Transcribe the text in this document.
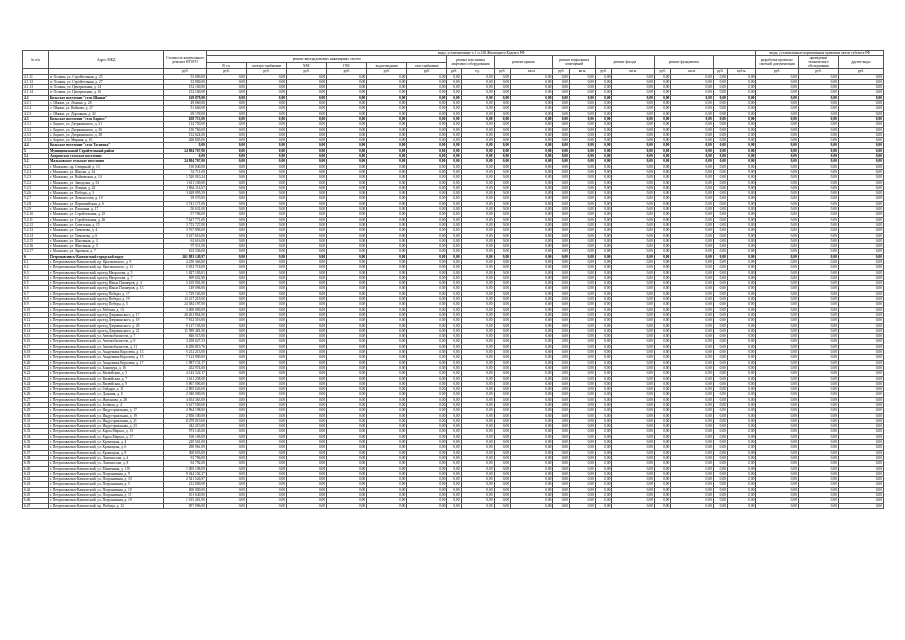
№ п/п	Адрес МКД	Стоимость капитального ремонта ИТОГО	виды, установленные ч.1 ст.166 Жилищного Кодекса РФ																		виды, установленные нормативным правовым актом субъекта РФ		
			ремонт внутридомовых инженерных систем						ремонт или замена лифтового оборудования		ремонт крыши		ремонт подвальных помещений		ремонт фасада		ремонт фундамента				разработка проектно-сметной документации	проведение технического обследования	другие виды
			В т.ч.	электро-снабжение	ХВС	ГВС	водоотведение	газо-снабжение															
		руб.	руб.	руб.	руб.	руб.	руб.	руб.	руб.	ед.	руб.	кв.м.	руб.	кв.м.	руб.	кв.м.	руб.	кв.м.	руб.	куб.м.	руб.	руб.	руб.
4.1.11	п. Осокин, ул. Стройтельная, д. 25	53 800,00	0,00	0,00	0,00	0,00	0,00	0,00	0,00	0,00	0,00	0,00	0,00	0,00	0,00	0,00	0,00	0,00	0,00	0,00	0,00	0,00	0,00
4.1.12	п. Осокин, ул. Стройтельная, д. 27	53 800,00	0,00	0,00	0,00	0,00	0,00	0,00	0,00	0,00	0,00	0,00	0,00	0,00	0,00	0,00	0,00	0,00	0,00	0,00	0,00	0,00	0,00
4.1.13	п. Осокин, ул. Центральная, д. 14	152 160,00	0,00	0,00	0,00	0,00	0,00	0,00	0,00	0,00	0,00	0,00	0,00	0,00	0,00	0,00	0,00	0,00	0,00	0,00	0,00	0,00	0,00
4.1.14	п. Осокин, ул. Центральная, д. 16	152 160,00	0,00	0,00	0,00	0,00	0,00	0,00	0,00	0,00	0,00	0,00	0,00	0,00	0,00	0,00	0,00	0,00	0,00	0,00	0,00	0,00	0,00
4.2	Кольское поселение "село Шапки"	169 879,00	0,00	0,00	0,00	0,00	0,00	0,00	0,00	0,00	0,00	0,00	0,00	0,00	0,00	0,00	0,00	0,00	0,00	0,00	0,00	0,00	0,00
4.2.1	с. Шапки, ул. Ленина, д. 26	49 060,00	0,00	0,00	0,00	0,00	0,00	0,00	0,00	0,00	0,00	0,00	0,00	0,00	0,00	0,00	0,00	0,00	0,00	0,00	0,00	0,00	0,00
4.2.2	с. Шапки, ул. Войкова, д. 27	51 660,00	0,00	0,00	0,00	0,00	0,00	0,00	0,00	0,00	0,00	0,00	0,00	0,00	0,00	0,00	0,00	0,00	0,00	0,00	0,00	0,00	0,00
4.2.3	с. Шапки, ул. Дорожная, д. 34	69 159,00	0,00	0,00	0,00	0,00	0,00	0,00	0,00	0,00	0,00	0,00	0,00	0,00	0,00	0,00	0,00	0,00	0,00	0,00	0,00	0,00	0,00
4.3	Кольское поселение "село Борисе"	658 713,00	0,00	0,00	0,00	0,00	0,00	0,00	0,00	0,00	0,00	0,00	0,00	0,00	0,00	0,00	0,00	0,00	0,00	0,00	0,00	0,00	0,00
4.3.1	с. Борисе, ул. Дзержинского, д. 31	114 750,00	0,00	0,00	0,00	0,00	0,00	0,00	0,00	0,00	0,00	0,00	0,00	0,00	0,00	0,00	0,00	0,00	0,00	0,00	0,00	0,00	0,00
4.3.2	с. Борисе, ул. Дзержинского, д. 36	150 760,00	0,00	0,00	0,00	0,00	0,00	0,00	0,00	0,00	0,00	0,00	0,00	0,00	0,00	0,00	0,00	0,00	0,00	0,00	0,00	0,00	0,00
4.3.3	с. Борисе, ул. Дзержинского, д. 38	132 624,00	0,00	0,00	0,00	0,00	0,00	0,00	0,00	0,00	0,00	0,00	0,00	0,00	0,00	0,00	0,00	0,00	0,00	0,00	0,00	0,00	0,00
4.3.4	с. Борисе, ул. Мирная, д. 10	260 605,00	0,00	0,00	0,00	0,00	0,00	0,00	0,00	0,00	0,00	0,00	0,00	0,00	0,00	0,00	0,00	0,00	0,00	0,00	0,00	0,00	0,00
4.4	Кольское поселение "село Тосненко"	0,00	0,00	0,00	0,00	0,00	0,00	0,00	0,00	0,00	0,00	0,00	0,00	0,00	0,00	0,00	0,00	0,00	0,00	0,00	0,00	0,00	0,00
5	Муниципальный Стройтельный район	24 804 767,00	0,00	0,00	0,00	0,00	0,00	0,00	0,00	0,00	0,00	0,00	0,00	0,00	0,00	0,00	0,00	0,00	0,00	0,00	0,00	0,00	0,00
5.1	Антропское сельское поселение	0,00	0,00	0,00	0,00	0,00	0,00	0,00	0,00	0,00	0,00	0,00	0,00	0,00	0,00	0,00	0,00	0,00	0,00	0,00	0,00	0,00	0,00
5.2	Мальковское сельское поселение	24 804 767,00	0,00	0,00	0,00	0,00	0,00	0,00	0,00	0,00	0,00	0,00	0,00	0,00	0,00	0,00	0,00	0,00	0,00	0,00	0,00	0,00	0,00
5.2.1	г. Мальково, пр. Северный, д. 13	150 840,00	0,00	0,00	0,00	0,00	0,00	0,00	0,00	0,00	0,00	0,00	0,00	0,00	0,00	0,00	0,00	0,00	0,00	0,00	0,00	0,00	0,00
5.2.2	г. Мальково, ул. Школы, д. 34	52 711,00	0,00	0,00	0,00	0,00	0,00	0,00	0,00	0,00	0,00	0,00	0,00	0,00	0,00	0,00	0,00	0,00	0,00	0,00	0,00	0,00	0,00
5.2.3	г. Мальково, ул. Войковская, д. 14	1 520 010,24	0,00	0,00	0,00	0,00	0,00	0,00	0,00	0,00	0,00	0,00	0,00	0,00	0,00	0,00	0,00	0,00	0,00	0,00	0,00	0,00	0,00
5.2.4	г. Мальково, ул. Заводская, д. 53	1 611 100,00	0,00	0,00	0,00	0,00	0,00	0,00	0,00	0,00	0,00	0,00	0,00	0,00	0,00	0,00	0,00	0,00	0,00	0,00	0,00	0,00	0,00
5.2.5	г. Мальково, ул. Ленина, д. 23	1 864 114,67	0,00	0,00	0,00	0,00	0,00	0,00	0,00	0,00	0,00	0,00	0,00	0,00	0,00	0,00	0,00	0,00	0,00	0,00	0,00	0,00	0,00
5.2.6	г. Мальково, ул. Победы, д. 3	3 628 995,59	0,00	0,00	0,00	0,00	0,00	0,00	0,00	0,00	0,00	0,00	0,00	0,00	0,00	0,00	0,00	0,00	0,00	0,00	0,00	0,00	0,00
5.2.7	г. Мальково, ул. Ломоносова, д. 10	59 570,00	0,00	0,00	0,00	0,00	0,00	0,00	0,00	0,00	0,00	0,00	0,00	0,00	0,00	0,00	0,00	0,00	0,00	0,00	0,00	0,00	0,00
5.2.8	г. Мальково, ул. Первомайская, д. 6	3 741 171,00	0,00	0,00	0,00	0,00	0,00	0,00	0,00	0,00	0,00	0,00	0,00	0,00	0,00	0,00	0,00	0,00	0,00	0,00	0,00	0,00	0,00
5.2.9	г. Мальково, ул. Пушкина, д. 17	50 631,00	0,00	0,00	0,00	0,00	0,00	0,00	0,00	0,00	0,00	0,00	0,00	0,00	0,00	0,00	0,00	0,00	0,00	0,00	0,00	0,00	0,00
5.2.10	г. Мальково, ул. Стройтельная, д. 25	57 706,00	0,00	0,00	0,00	0,00	0,00	0,00	0,00	0,00	0,00	0,00	0,00	0,00	0,00	0,00	0,00	0,00	0,00	0,00	0,00	0,00	0,00
5.2.11	г. Мальково, ул. Стройтельная, д. 26	7 627 771,00	0,00	0,00	0,00	0,00	0,00	0,00	0,00	0,00	0,00	0,00	0,00	0,00	0,00	0,00	0,00	0,00	0,00	0,00	0,00	0,00	0,00
5.2.12	г. Мальково, ул. Советская, д. 15	3 713 727,00	0,00	0,00	0,00	0,00	0,00	0,00	0,00	0,00	0,00	0,00	0,00	0,00	0,00	0,00	0,00	0,00	0,00	0,00	0,00	0,00	0,00
5.2.13	г. Мальково, ул. Тимонова, д. 4	3 767 896,00	0,00	0,00	0,00	0,00	0,00	0,00	0,00	0,00	0,00	0,00	0,00	0,00	0,00	0,00	0,00	0,00	0,00	0,00	0,00	0,00	0,00
5.2.14	г. Мальково, ул. Тимонова, д. 6	3 617 616,00	0,00	0,00	0,00	0,00	0,00	0,00	0,00	0,00	0,00	0,00	0,00	0,00	0,00	0,00	0,00	0,00	0,00	0,00	0,00	0,00	0,00
5.2.15	г. Мальково, ул. Школьная, д. 3	62 616,00	0,00	0,00	0,00	0,00	0,00	0,00	0,00	0,00	0,00	0,00	0,00	0,00	0,00	0,00	0,00	0,00	0,00	0,00	0,00	0,00	0,00
5.2.16	г. Мальково, ул. Школьная, д. 5	97 511,00	0,00	0,00	0,00	0,00	0,00	0,00	0,00	0,00	0,00	0,00	0,00	0,00	0,00	0,00	0,00	0,00	0,00	0,00	0,00	0,00	0,00
5.2.17	г. Мальково, ул. Заречная, д. 7	103 336,00	0,00	0,00	0,00	0,00	0,00	0,00	0,00	0,00	0,00	0,00	0,00	0,00	0,00	0,00	0,00	0,00	0,00	0,00	0,00	0,00	0,00
6	Петропавловск-Камчатский городской округ	261 883 149,97	0,00	0,00	0,00	0,00	0,00	0,00	0,00	0,00	0,00	0,00	0,00	0,00	0,00	0,00	0,00	0,00	0,00	0,00	0,00	0,00	0,00
6.1	г. Петропавловск-Камчатский, пр. Циолковского, д. 9	4 250 366,00	0,00	0,00	0,00	0,00	0,00	0,00	0,00	0,00	0,00	0,00	0,00	0,00	0,00	0,00	0,00	0,00	0,00	0,00	0,00	0,00	0,00
6.2	г. Петропавловск-Камчатский, пр. Циолковского, д. 11	5 033 718,00	0,00	0,00	0,00	0,00	0,00	0,00	0,00	0,00	0,00	0,00	0,00	0,00	0,00	0,00	0,00	0,00	0,00	0,00	0,00	0,00	0,00
6.3	г. Петропавловск-Камчатский, проезд Матросова, д. 5	1 827 183,01	0,00	0,00	0,00	0,00	0,00	0,00	0,00	0,00	0,00	0,00	0,00	0,00	0,00	0,00	0,00	0,00	0,00	0,00	0,00	0,00	0,00
6.4	г. Петропавловск-Камчатский, проезд Матросова, д. 7	699 652,90	0,00	0,00	0,00	0,00	0,00	0,00	0,00	0,00	0,00	0,00	0,00	0,00	0,00	0,00	0,00	0,00	0,00	0,00	0,00	0,00	0,00
6.5	г. Петропавловск-Камчатский, проезд Юных Пионеров, д. 4	3 105 901,00	0,00	0,00	0,00	0,00	0,00	0,00	0,00	0,00	0,00	0,00	0,00	0,00	0,00	0,00	0,00	0,00	0,00	0,00	0,00	0,00	0,00
6.6	г. Петропавловск-Камчатский, проезд Юных Пионеров, д. 13	149 696,00	0,00	0,00	0,00	0,00	0,00	0,00	0,00	0,00	0,00	0,00	0,00	0,00	0,00	0,00	0,00	0,00	0,00	0,00	0,00	0,00	0,00
6.7	г. Петропавловск-Камчатский, проезд Победы, д. 17	1 729 165,00	0,00	0,00	0,00	0,00	0,00	0,00	0,00	0,00	0,00	0,00	0,00	0,00	0,00	0,00	0,00	0,00	0,00	0,00	0,00	0,00	0,00
6.8	г. Петропавловск-Камчатский, проезд Победы, д. 19	13 217 219,00	0,00	0,00	0,00	0,00	0,00	0,00	0,00	0,00	0,00	0,00	0,00	0,00	0,00	0,00	0,00	0,00	0,00	0,00	0,00	0,00	0,00
6.9	г. Петропавловск-Камчатский, проезд Победы, д. 5	24 384 197,00	0,00	0,00	0,00	0,00	0,00	0,00	0,00	0,00	0,00	0,00	0,00	0,00	0,00	0,00	0,00	0,00	0,00	0,00	0,00	0,00	0,00
6.10	г. Петропавловск-Камчатский, ул. Рабочая, д. 14	3 000 000,00	0,00	0,00	0,00	0,00	0,00	0,00	0,00	0,00	0,00	0,00	0,00	0,00	0,00	0,00	0,00	0,00	0,00	0,00	0,00	0,00	0,00
6.11	г. Петропавловск-Камчатский, проезд Дзержинского, д. 17	28 261 864,00	0,00	0,00	0,00	0,00	0,00	0,00	0,00	0,00	0,00	0,00	0,00	0,00	0,00	0,00	0,00	0,00	0,00	0,00	0,00	0,00	0,00
6.12	г. Петропавловск-Камчатский, проезд Дзержинского, д. 19	7 812 316,00	0,00	0,00	0,00	0,00	0,00	0,00	0,00	0,00	0,00	0,00	0,00	0,00	0,00	0,00	0,00	0,00	0,00	0,00	0,00	0,00	0,00
6.13	г. Петропавловск-Камчатский, проезд Дзержинского, д. 20	8 127 103,00	0,00	0,00	0,00	0,00	0,00	0,00	0,00	0,00	0,00	0,00	0,00	0,00	0,00	0,00	0,00	0,00	0,00	0,00	0,00	0,00	0,00
6.14	г. Петропавловск-Камчатский, проезд Дзержинского, д. 21	11 589 481,00	0,00	0,00	0,00	0,00	0,00	0,00	0,00	0,00	0,00	0,00	0,00	0,00	0,00	0,00	0,00	0,00	0,00	0,00	0,00	0,00	0,00
6.15	г. Петропавловск-Камчатский, ул. Автомобилистов, д. 7	846 515,00	0,00	0,00	0,00	0,00	0,00	0,00	0,00	0,00	0,00	0,00	0,00	0,00	0,00	0,00	0,00	0,00	0,00	0,00	0,00	0,00	0,00
6.16	г. Петропавловск-Камчатский, ул. Автомобилистов, д. 9	3 458 627,33	0,00	0,00	0,00	0,00	0,00	0,00	0,00	0,00	0,00	0,00	0,00	0,00	0,00	0,00	0,00	0,00	0,00	0,00	0,00	0,00	0,00
6.17	г. Петропавловск-Камчатский, ул. Автомобилистов, д. 11	6 296 819,76	0,00	0,00	0,00	0,00	0,00	0,00	0,00	0,00	0,00	0,00	0,00	0,00	0,00	0,00	0,00	0,00	0,00	0,00	0,00	0,00	0,00
6.18	г. Петропавловск-Камчатский, ул. Академика Королева, д. 13	5 212 213,00	0,00	0,00	0,00	0,00	0,00	0,00	0,00	0,00	0,00	0,00	0,00	0,00	0,00	0,00	0,00	0,00	0,00	0,00	0,00	0,00	0,00
6.19	г. Петропавловск-Камчатский, ул. Академика Королева, д. 15	7 123 900,00	0,00	0,00	0,00	0,00	0,00	0,00	0,00	0,00	0,00	0,00	0,00	0,00	0,00	0,00	0,00	0,00	0,00	0,00	0,00	0,00	0,00
6.20	г. Петропавловск-Камчатский, ул. Академика Королева, д. 17	1 987 131,17	0,00	0,00	0,00	0,00	0,00	0,00	0,00	0,00	0,00	0,00	0,00	0,00	0,00	0,00	0,00	0,00	0,00	0,00	0,00	0,00	0,00
6.21	г. Петропавловск-Камчатский, ул. Бонивура, д. 16	452 974,00	0,00	0,00	0,00	0,00	0,00	0,00	0,00	0,00	0,00	0,00	0,00	0,00	0,00	0,00	0,00	0,00	0,00	0,00	0,00	0,00	0,00
6.22	г. Петропавловск-Камчатский, ул. Вилюйская, д. 5	4 143 322,17	0,00	0,00	0,00	0,00	0,00	0,00	0,00	0,00	0,00	0,00	0,00	0,00	0,00	0,00	0,00	0,00	0,00	0,00	0,00	0,00	0,00
6.23	г. Петропавловск-Камчатский, ул. Вилюйская, д. 7	1 611 258,00	0,00	0,00	0,00	0,00	0,00	0,00	0,00	0,00	0,00	0,00	0,00	0,00	0,00	0,00	0,00	0,00	0,00	0,00	0,00	0,00	0,00
6.24	г. Петропавловск-Камчатский, ул. Вилюйская, д. 9	5 867 006,00	0,00	0,00	0,00	0,00	0,00	0,00	0,00	0,00	0,00	0,00	0,00	0,00	0,00	0,00	0,00	0,00	0,00	0,00	0,00	0,00	0,00
6.25	г. Петропавловск-Камчатский, ул. Гайдара, д. 11	2 895 626,00	0,00	0,00	0,00	0,00	0,00	0,00	0,00	0,00	0,00	0,00	0,00	0,00	0,00	0,00	0,00	0,00	0,00	0,00	0,00	0,00	0,00
6.26	г. Петропавловск-Камчатский, ул. Дальняя, д. 8	2 940 000,00	0,00	0,00	0,00	0,00	0,00	0,00	0,00	0,00	0,00	0,00	0,00	0,00	0,00	0,00	0,00	0,00	0,00	0,00	0,00	0,00	0,00
6.27	г. Петропавловск-Камчатский, ул. Жупанова, д. 28	4 654 363,00	0,00	0,00	0,00	0,00	0,00	0,00	0,00	0,00	0,00	0,00	0,00	0,00	0,00	0,00	0,00	0,00	0,00	0,00	0,00	0,00	0,00
6.28	г. Петропавловск-Камчатский, ул. Зелёная, д. 4	5 617 500,00	0,00	0,00	0,00	0,00	0,00	0,00	0,00	0,00	0,00	0,00	0,00	0,00	0,00	0,00	0,00	0,00	0,00	0,00	0,00	0,00	0,00
6.29	г. Петропавловск-Камчатский, ул. Индустриальная, д. 17	2 964 198,00	0,00	0,00	0,00	0,00	0,00	0,00	0,00	0,00	0,00	0,00	0,00	0,00	0,00	0,00	0,00	0,00	0,00	0,00	0,00	0,00	0,00
6.30	г. Петропавловск-Камчатский, ул. Индустриальная, д. 19	2 856 100,00	0,00	0,00	0,00	0,00	0,00	0,00	0,00	0,00	0,00	0,00	0,00	0,00	0,00	0,00	0,00	0,00	0,00	0,00	0,00	0,00	0,00
6.31	г. Петропавловск-Камчатский, ул. Индустриальная, д. 21	8 479 010,00	0,00	0,00	0,00	0,00	0,00	0,00	0,00	0,00	0,00	0,00	0,00	0,00	0,00	0,00	0,00	0,00	0,00	0,00	0,00	0,00	0,00
6.32	г. Петропавловск-Камчатский, ул. Индустриальная, д. 23	342 210,00	0,00	0,00	0,00	0,00	0,00	0,00	0,00	0,00	0,00	0,00	0,00	0,00	0,00	0,00	0,00	0,00	0,00	0,00	0,00	0,00	0,00
6.33	г. Петропавловск-Камчатский, ул. Карла Маркса, д. 15	973 143,00	0,00	0,00	0,00	0,00	0,00	0,00	0,00	0,00	0,00	0,00	0,00	0,00	0,00	0,00	0,00	0,00	0,00	0,00	0,00	0,00	0,00
6.34	г. Петропавловск-Камчатский, ул. Карла Маркса, д. 17	106 106,00	0,00	0,00	0,00	0,00	0,00	0,00	0,00	0,00	0,00	0,00	0,00	0,00	0,00	0,00	0,00	0,00	0,00	0,00	0,00	0,00	0,00
6.35	г. Петропавловск-Камчатский, ул. Кроноцкая, д. 4	220 561,00	0,00	0,00	0,00	0,00	0,00	0,00	0,00	0,00	0,00	0,00	0,00	0,00	0,00	0,00	0,00	0,00	0,00	0,00	0,00	0,00	0,00
6.36	г. Петропавловск-Камчатский, ул. Кроноцкая, д. 6	290 961,00	0,00	0,00	0,00	0,00	0,00	0,00	0,00	0,00	0,00	0,00	0,00	0,00	0,00	0,00	0,00	0,00	0,00	0,00	0,00	0,00	0,00
6.37	г. Петропавловск-Камчатский, ул. Кроноцкая, д. 8	300 653,00	0,00	0,00	0,00	0,00	0,00	0,00	0,00	0,00	0,00	0,00	0,00	0,00	0,00	0,00	0,00	0,00	0,00	0,00	0,00	0,00	0,00
6.38	г. Петропавловск-Камчатский, ул. Ломоносова, д. 4	93 796,00	0,00	0,00	0,00	0,00	0,00	0,00	0,00	0,00	0,00	0,00	0,00	0,00	0,00	0,00	0,00	0,00	0,00	0,00	0,00	0,00	0,00
6.39	г. Петропавловск-Камчатский, ул. Ломоносова, д. 8	94 792,00	0,00	0,00	0,00	0,00	0,00	0,00	0,00	0,00	0,00	0,00	0,00	0,00	0,00	0,00	0,00	0,00	0,00	0,00	0,00	0,00	0,00
6.40	г. Петропавловск-Камчатский, ул. Мишенная, д. 110	1 005 108,00	0,00	0,00	0,00	0,00	0,00	0,00	0,00	0,00	0,00	0,00	0,00	0,00	0,00	0,00	0,00	0,00	0,00	0,00	0,00	0,00	0,00
6.41	г. Петропавловск-Камчатский, ул. Пограничная, д. 9	9 024 102,37	0,00	0,00	0,00	0,00	0,00	0,00	0,00	0,00	0,00	0,00	0,00	0,00	0,00	0,00	0,00	0,00	0,00	0,00	0,00	0,00	0,00
6.42	г. Петропавловск-Камчатский, ул. Пограничная, д. 33	2 541 526,97	0,00	0,00	0,00	0,00	0,00	0,00	0,00	0,00	0,00	0,00	0,00	0,00	0,00	0,00	0,00	0,00	0,00	0,00	0,00	0,00	0,00
6.43	г. Петропавловск-Камчатский, ул. Пограничная, д. 5	212 000,00	0,00	0,00	0,00	0,00	0,00	0,00	0,00	0,00	0,00	0,00	0,00	0,00	0,00	0,00	0,00	0,00	0,00	0,00	0,00	0,00	0,00
6.44	г. Петропавловск-Камчатский, ул. Пограничная, д. 10	600 000,00	0,00	0,00	0,00	0,00	0,00	0,00	0,00	0,00	0,00	0,00	0,00	0,00	0,00	0,00	0,00	0,00	0,00	0,00	0,00	0,00	0,00
6.45	г. Петропавловск-Камчатский, ул. Пограничная, д. 11	101 640,00	0,00	0,00	0,00	0,00	0,00	0,00	0,00	0,00	0,00	0,00	0,00	0,00	0,00	0,00	0,00	0,00	0,00	0,00	0,00	0,00	0,00
6.46	г. Петропавловск-Камчатский, ул. Пограничная, д. 19	1 015 461,00	0,00	0,00	0,00	0,00	0,00	0,00	0,00	0,00	0,00	0,00	0,00	0,00	0,00	0,00	0,00	0,00	0,00	0,00	0,00	0,00	0,00
6.47	г. Петропавловск-Камчатский, пр. Победы, д. 12	857 096,00	0,00	0,00	0,00	0,00	0,00	0,00	0,00	0,00	0,00	0,00	0,00	0,00	0,00	0,00	0,00	0,00	0,00	0,00	0,00	0,00	0,00
